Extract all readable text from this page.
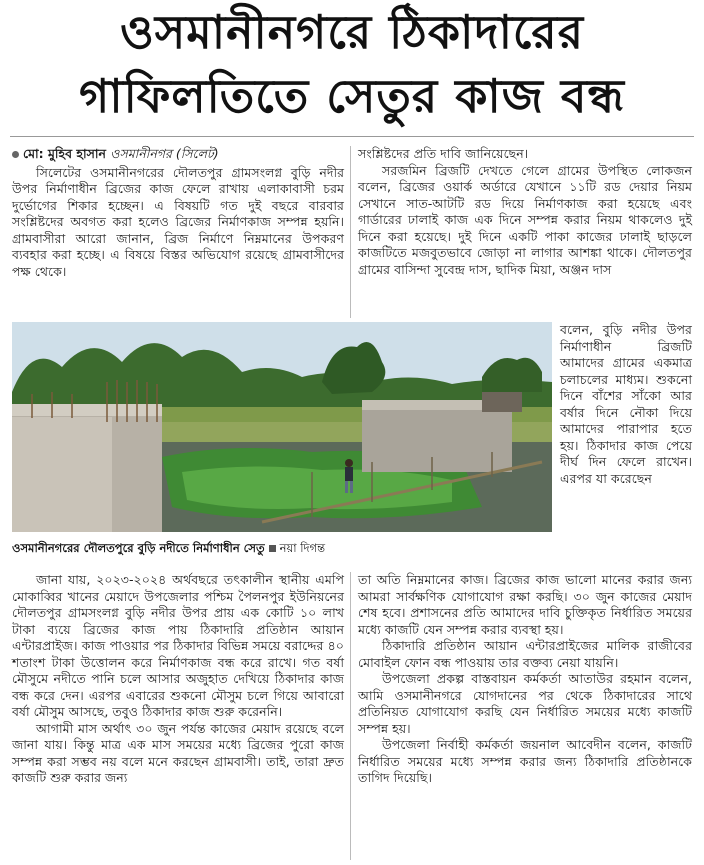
ওসমানীনগরে ঠিকাদারের
গাফিলতিতে সেতুর কাজ বন্ধ
মো: মুহিব হাসান ওসমানীনগর (সিলেট)

সিলেটের ওসমানীনগরের দৌলতপুর গ্রামসংলগ্ন বুড়ি নদীর উপর নির্মাণাধীন ব্রিজের কাজ ফেলে রাখায় এলাকাবাসী চরম দুর্ভোগের শিকার হচ্ছেন। এ বিষয়টি গত দুই বছরে বারবার সংশ্লিষ্টদের অবগত করা হলেও ব্রিজের নির্মাণকাজ সম্পন্ন হয়নি। গ্রামবাসীরা আরো জানান, ব্রিজ নির্মাণে নিম্নমানের উপকরণ ব্যবহার করা হচ্ছে। এ বিষয়ে বিস্তর অভিযোগ রয়েছে গ্রামবাসীদের পক্ষ থেকে।

সংশ্লিষ্টদের প্রতি দাবি জানিয়েছেন।

সরজমিন ব্রিজটি দেখতে গেলে গ্রামের উপস্থিত লোকজন বলেন, ব্রিজের ওয়ার্ক অর্ডারে যেখানে ১১টি রড দেয়ার নিয়ম সেখানে সাত-আটটি রড দিয়ে নির্মাণকাজ করা হয়েছে এবং গার্ডারের ঢালাই কাজ এক দিনে সম্পন্ন করার নিয়ম থাকলেও দুই দিনে করা হয়েছে। দুই দিনে একটি পাকা কাজের ঢালাই ছাড়লে কাজটিতে মজবুতভাবে জোড়া না লাগার আশঙ্কা থাকে। দৌলতপুর গ্রামের বাসিন্দা সুবেন্দ্র দাস, ছাদিক মিয়া, অঞ্জন দাস

ওসমানীনগরের দৌলতপুরে বুড়ি নদীতে নির্মাণাধীন সেতু নয়া দিগন্ত

বলেন, বুড়ি নদীর উপর নির্মাণাধীন ব্রিজটি আমাদের গ্রামের একমাত্র চলাচলের মাধ্যম। শুকনো দিনে বাঁশের সাঁকো আর বর্ষার দিনে নৌকা দিয়ে আমাদের পারাপার হতে হয়। ঠিকাদার কাজ পেয়ে দীর্ঘ দিন ফেলে রাখেন। এরপর যা করেছেন

জানা যায়, ২০২৩-২০২৪ অর্থবছরে তৎকালীন স্থানীয় এমপি মোকাব্বির খানের মেয়াদে উপজেলার পশ্চিম পৈলনপুর ইউনিয়নের দৌলতপুর গ্রামসংলগ্ন বুড়ি নদীর উপর প্রায় এক কোটি ১০ লাখ টাকা ব্যয়ে ব্রিজের কাজ পায় ঠিকাদারি প্রতিষ্ঠান আয়ান এন্টারপ্রাইজ। কাজ পাওয়ার পর ঠিকাদার বিভিন্ন সময়ে বরাদ্দের ৪০ শতাংশ টাকা উত্তোলন করে নির্মাণকাজ বন্ধ করে রাখে। গত বর্ষা মৌসুমে নদীতে পানি চলে আসার অজুহাত দেখিয়ে ঠিকাদার কাজ বন্ধ করে দেন। এরপর এবারের শুকনো মৌসুম চলে গিয়ে আবারো বর্ষা মৌসুম আসছে, তবুও ঠিকাদার কাজ শুরু করেননি।

আগামী মাস অর্থাৎ ৩০ জুন পর্যন্ত কাজের মেয়াদ রয়েছে বলে জানা যায়। কিন্তু মাত্র এক মাস সময়ের মধ্যে ব্রিজের পুরো কাজ সম্পন্ন করা সম্ভব নয় বলে মনে করছেন গ্রামবাসী। তাই, তারা দ্রুত কাজটি শুরু করার জন্য

তা অতি নিম্নমানের কাজ। ব্রিজের কাজ ভালো মানের করার জন্য আমরা সার্বক্ষণিক যোগাযোগ রক্ষা করছি। ৩০ জুন কাজের মেয়াদ শেষ হবে। প্রশাসনের প্রতি আমাদের দাবি চুক্তিকৃত নির্ধারিত সময়ের মধ্যে কাজটি যেন সম্পন্ন করার ব্যবস্থা হয়।

ঠিকাদারি প্রতিষ্ঠান আয়ান এন্টারপ্রাইজের মালিক রাজীবের মোবাইল ফোন বন্ধ পাওয়ায় তার বক্তব্য নেয়া যায়নি।

উপজেলা প্রকল্প বাস্তবায়ন কর্মকর্তা আতাউর রহমান বলেন, আমি ওসমানীনগরে যোগদানের পর থেকে ঠিকাদারের সাথে প্রতিনিয়ত যোগাযোগ করছি যেন নির্ধারিত সময়ের মধ্যে কাজটি সম্পন্ন হয়।

উপজেলা নির্বাহী কর্মকর্তা জয়নাল আবেদীন বলেন, কাজটি নির্ধারিত সময়ের মধ্যে সম্পন্ন করার জন্য ঠিকাদারি প্রতিষ্ঠানকে তাগিদ দিয়েছি।
